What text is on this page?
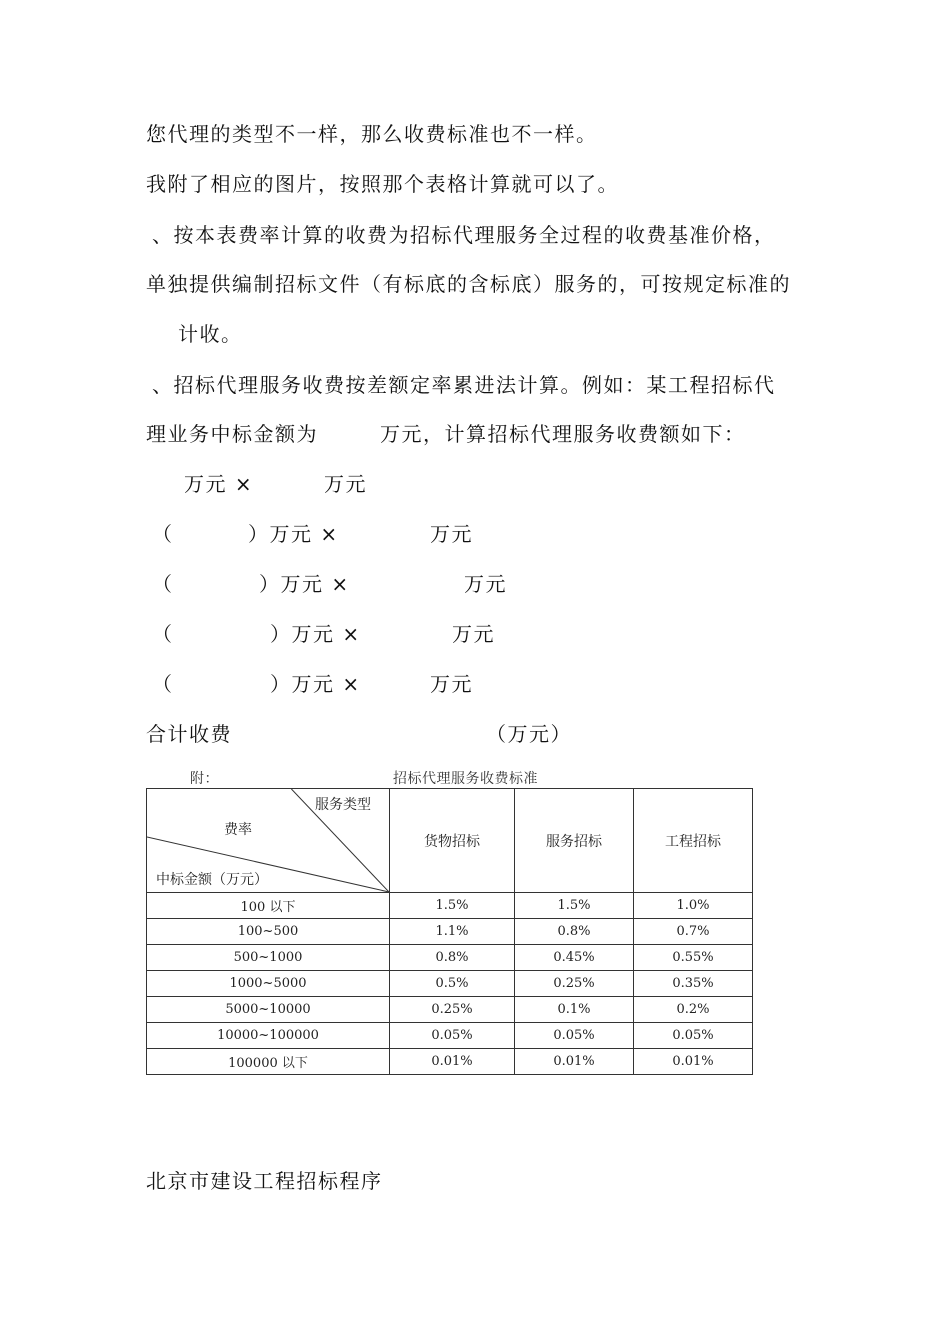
您代理的类型不一样，那么收费标准也不一样。
我附了相应的图片，按照那个表格计算就可以了。
、按本表费率计算的收费为招标代理服务全过程的收费基准价格，
单独提供编制招标文件（有标底的含标底）服务的，可按规定标准的
计收。
、招标代理服务收费按差额定率累进法计算。例如：某工程招标代
理业务中标金额为	万元，计算招标代理服务收费额如下：
万元 ×	万元
（	）万元 ×	万元
（	）万元 ×	万元
（	）万元 ×	万元
（	）万元 ×	万元
合计收费	（万元）
附：	招标代理服务收费标准
服务类型
费率
中标金额（万元）	货物招标	服务招标	工程招标
100 以下	1.5%	1.5%	1.0%
100~500	1.1%	0.8%	0.7%
500~1000	0.8%	0.45%	0.55%
1000~5000	0.5%	0.25%	0.35%
5000~10000	0.25%	0.1%	0.2%
10000~100000	0.05%	0.05%	0.05%
100000 以下	0.01%	0.01%	0.01%
北京市建设工程招标程序
